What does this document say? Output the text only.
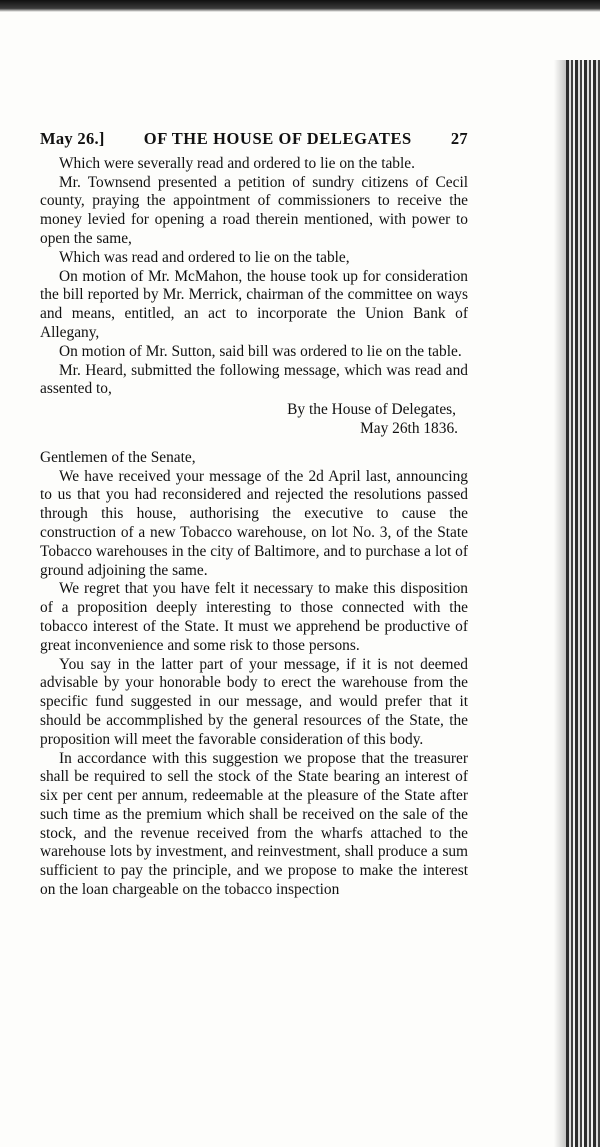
May 26.] OF THE HOUSE OF DELEGATES 27

Which were severally read and ordered to lie on the table.

Mr. Townsend presented a petition of sundry citizens of Cecil county, praying the appointment of commissioners to receive the money levied for opening a road therein mentioned, with power to open the same,

Which was read and ordered to lie on the table,

On motion of Mr. McMahon, the house took up for consideration the bill reported by Mr. Merrick, chairman of the committee on ways and means, entitled, an act to incorporate the Union Bank of Allegany,

On motion of Mr. Sutton, said bill was ordered to lie on the table.

Mr. Heard, submitted the following message, which was read and assented to,

By the House of Delegates,

May 26th 1836.

Gentlemen of the Senate,

We have received your message of the 2d April last, announcing to us that you had reconsidered and rejected the resolutions passed through this house, authorising the executive to cause the construction of a new Tobacco warehouse, on lot No. 3, of the State Tobacco warehouses in the city of Baltimore, and to purchase a lot of ground adjoining the same.

We regret that you have felt it necessary to make this disposition of a proposition deeply interesting to those connected with the tobacco interest of the State. It must we apprehend be productive of great inconvenience and some risk to those persons.

You say in the latter part of your message, if it is not deemed advisable by your honorable body to erect the warehouse from the specific fund suggested in our message, and would prefer that it should be accommplished by the general resources of the State, the proposition will meet the favorable consideration of this body.

In accordance with this suggestion we propose that the treasurer shall be required to sell the stock of the State bearing an interest of six per cent per annum, redeemable at the pleasure of the State after such time as the premium which shall be received on the sale of the stock, and the revenue received from the wharfs attached to the warehouse lots by investment, and reinvestment, shall produce a sum sufficient to pay the principle, and we propose to make the interest on the loan chargeable on the tobacco inspection
